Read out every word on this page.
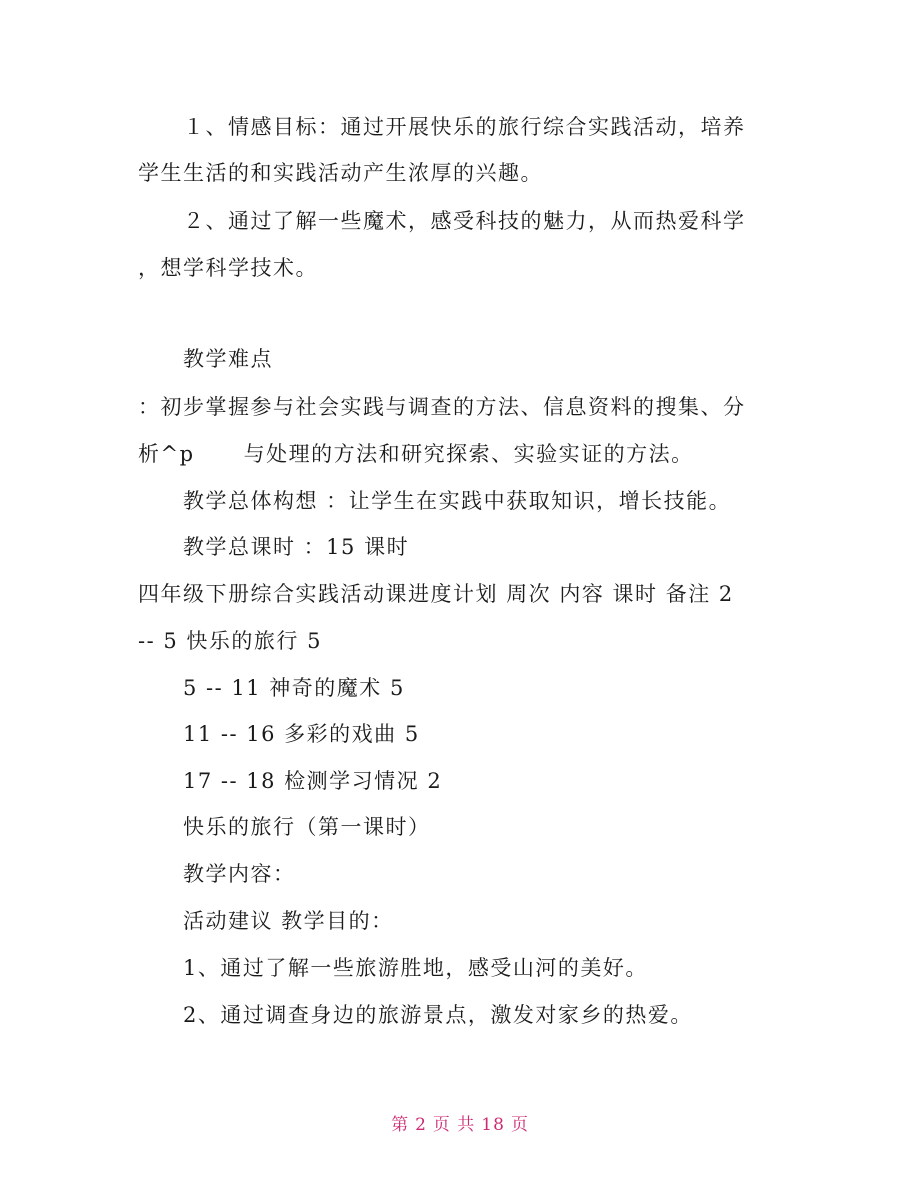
１、情感目标：通过开展快乐的旅行综合实践活动，培养
学生生活的和实践活动产生浓厚的兴趣。
２、通过了解一些魔术，感受科技的魅力，从而热爱科学
，想学科学技术。
教学难点
：初步掌握参与社会实践与调查的方法、信息资料的搜集、分
析^p      与处理的方法和研究探索、实验实证的方法。
教学总体构想 ：让学生在实践中获取知识，增长技能。
教学总课时 ：15 课时
四年级下册综合实践活动课进度计划 周次 内容 课时 备注 2
-- 5 快乐的旅行 5
5 -- 11 神奇的魔术 5
11 -- 16 多彩的戏曲 5
17 -- 18 检测学习情况 2
快乐的旅行（第一课时）
教学内容：
活动建议 教学目的：
1、通过了解一些旅游胜地，感受山河的美好。
2、通过调查身边的旅游景点，激发对家乡的热爱。
第 2 页 共 18 页
